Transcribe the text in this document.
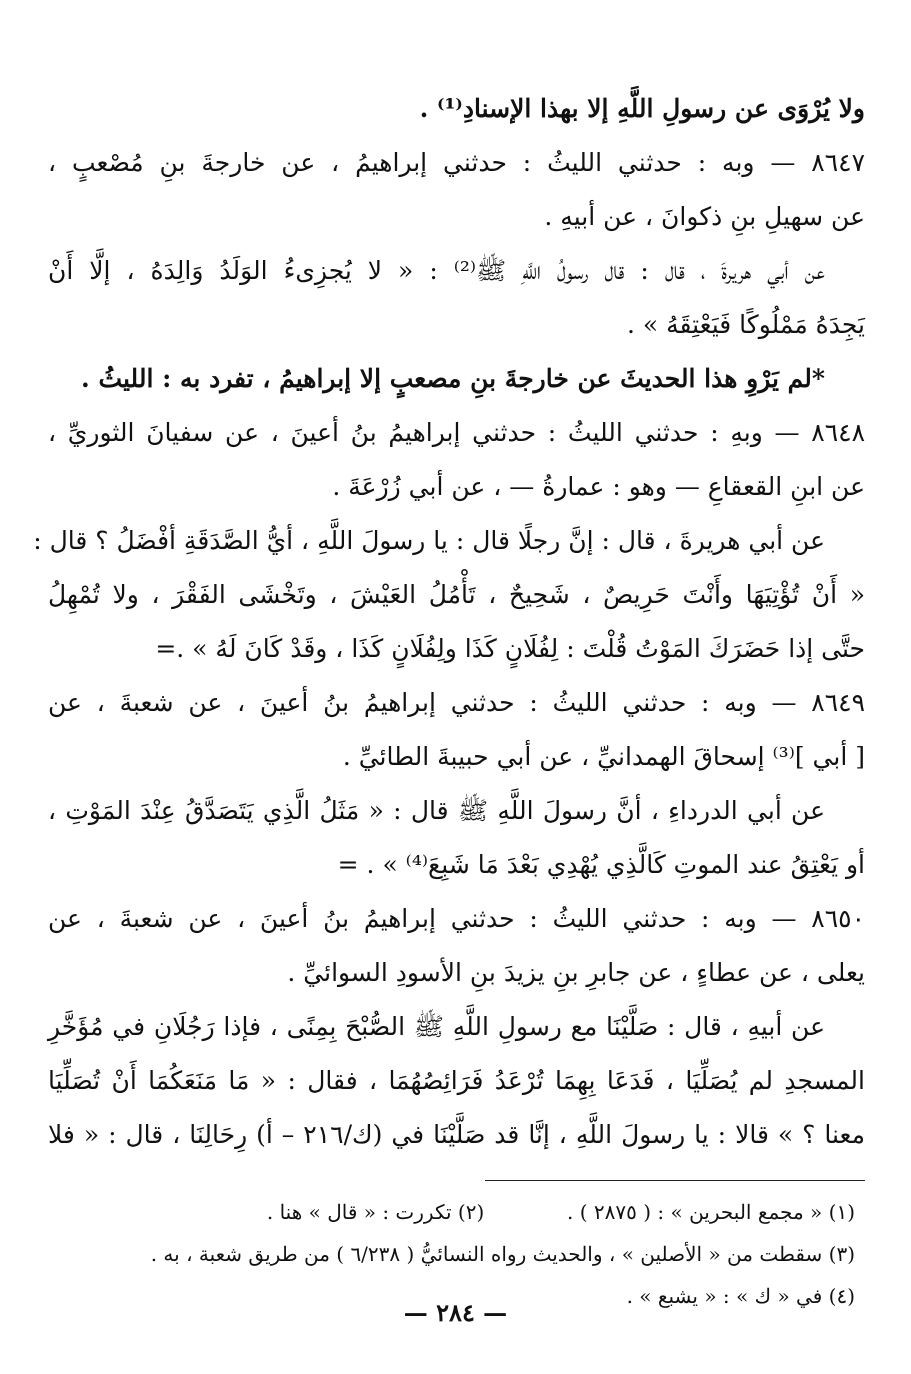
ولا يُرْوَى عن رسولِ اللَّهِ إلا بهذا الإسنادِ⁽¹⁾ .
٨٦٤٧ — وبه : حدثني الليثُ : حدثني إبراهيمُ ، عن خارجةَ بنِ مُصْعبٍ ،
عن سهيلِ بنِ ذكوانَ ، عن أبيهِ .
عن أبي هريرةَ ، قال : قال رسولُ اللَّهِ ﷺ⁽²⁾ : « لا يُجزِىءُ الوَلَدُ وَالِدَهُ ، إلَّا أَنْ
يَجِدَهُ مَمْلُوكًا فَيَعْتِقَهُ » .
*لم يَرْوِ هذا الحديثَ عن خارجةَ بنِ مصعبٍ إلا إبراهيمُ ، تفرد به : الليثُ .
٨٦٤٨ — وبهِ : حدثني الليثُ : حدثني إبراهيمُ بنُ أعينَ ، عن سفيانَ الثوريِّ ،
عن ابنِ القعقاعِ — وهو : عمارةُ — ، عن أبي زُرْعَةَ .
عن أبي هريرةَ ، قال : إنَّ رجلًا قال : يا رسولَ اللَّهِ ، أيُّ الصَّدَقَةِ أفْضَلُ ؟ قال :
« أَنْ تُؤْتِيَهَا وأَنْتَ حَرِيصٌ ، شَحِيحٌ ، تَأْمُلُ العَيْشَ ، وتَخْشَى الفَقْرَ ، ولا تُمْهِلُ
حتَّى إذا حَضَرَكَ المَوْتُ قُلْتَ : لِفُلَانٍ كَذَا ولِفُلَانٍ كَذَا ، وقَدْ كَانَ لَهُ » .=
٨٦٤٩ — وبه : حدثني الليثُ : حدثني إبراهيمُ بنُ أعينَ ، عن شعبةَ ، عن
[ أبي ]⁽³⁾ إسحاقَ الهمدانيِّ ، عن أبي حبيبةَ الطائيِّ .
عن أبي الدرداءِ ، أنَّ رسولَ اللَّهِ ﷺ قال : « مَثَلُ الَّذِي يَتَصَدَّقُ عِنْدَ المَوْتِ ،
أو يَعْتِقُ عند الموتِ كَالَّذِي يُهْدِي بَعْدَ مَا شَبِعَ⁽⁴⁾ » . =
٨٦٥٠ — وبه : حدثني الليثُ : حدثني إبراهيمُ بنُ أعينَ ، عن شعبةَ ، عن
يعلى ، عن عطاءٍ ، عن جابرِ بنِ يزيدَ بنِ الأسودِ السوائيِّ .
عن أبيهِ ، قال : صَلَّيْنَا مع رسولِ اللَّهِ ﷺ الصُّبْحَ بِمِنًى ، فإذا رَجُلَانِ في مُؤَخَّرِ
المسجدِ لم يُصَلِّيَا ، فَدَعَا بِهِمَا تُرْعَدُ فَرَائِصُهُمَا ، فقال : « مَا مَنَعَكُمَا أَنْ تُصَلِّيَا
معنا ؟ » قالا : يا رسولَ اللَّهِ ، إنَّا قد صَلَّيْنَا في (ك/٢١٦ – أ) رِحَالِنَا ، قال : « فلا
(١) « مجمع البحرين » : ( ٢٨٧٥ ) .  (٢) تكررت : « قال » هنا .
(٣) سقطت من « الأصلين » ، والحديث رواه النسائيُّ ( ٦/٢٣٨ ) من طريق شعبة ، به .
(٤) في « ك » : « يشبع » .
— ٢٨٤ —
